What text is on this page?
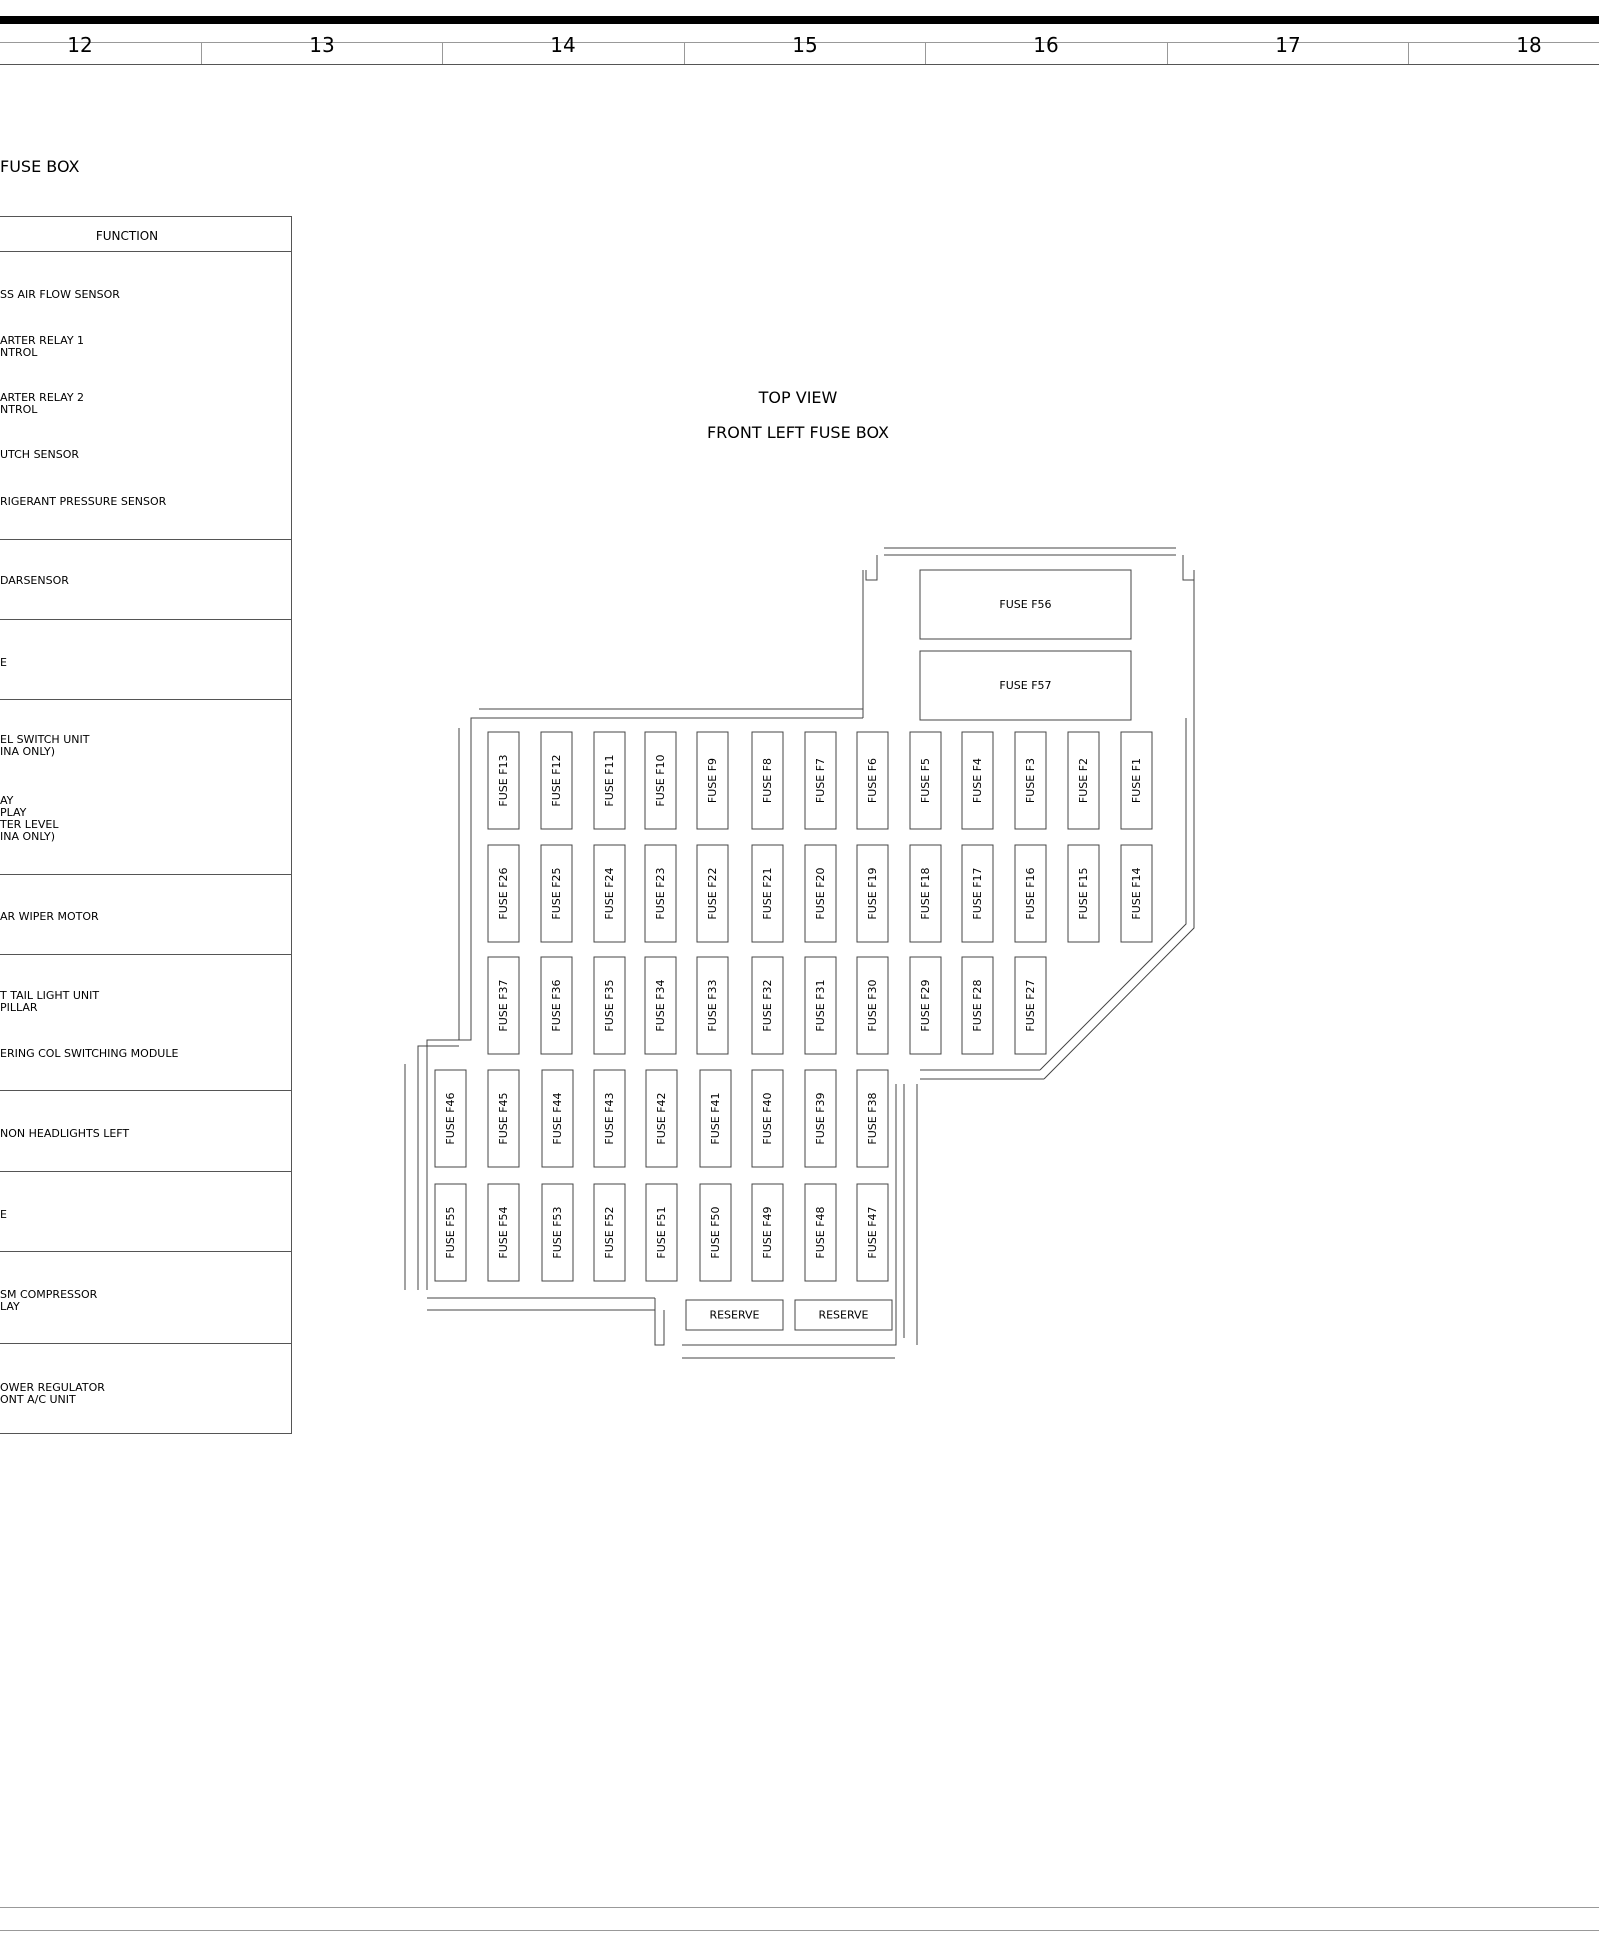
12	13	14	15	16	17	18
FUSE BOX
FUNCTION
SS AIR FLOW SENSOR
ARTER RELAY 1
NTROL
ARTER RELAY 2
NTROL
UTCH SENSOR
RIGERANT PRESSURE SENSOR
DARSENSOR
E
EL SWITCH UNIT
INA ONLY)
AY
PLAY
TER LEVEL
INA ONLY)
AR WIPER MOTOR
T TAIL LIGHT UNIT
PILLAR
ERING COL SWITCHING MODULE
NON HEADLIGHTS LEFT
E
SM COMPRESSOR
LAY
OWER REGULATOR
ONT A/C UNIT
TOP VIEW
FRONT LEFT FUSE BOX
FUSE F56
FUSE F57
FUSE F13	FUSE F12	FUSE F11	FUSE F10	FUSE F9	FUSE F8	FUSE F7	FUSE F6	FUSE F5	FUSE F4	FUSE F3	FUSE F2	FUSE F1
FUSE F26	FUSE F25	FUSE F24	FUSE F23	FUSE F22	FUSE F21	FUSE F20	FUSE F19	FUSE F18	FUSE F17	FUSE F16	FUSE F15	FUSE F14
FUSE F37	FUSE F36	FUSE F35	FUSE F34	FUSE F33	FUSE F32	FUSE F31	FUSE F30	FUSE F29	FUSE F28	FUSE F27
FUSE F46	FUSE F45	FUSE F44	FUSE F43	FUSE F42	FUSE F41	FUSE F40	FUSE F39	FUSE F38
FUSE F55	FUSE F54	FUSE F53	FUSE F52	FUSE F51	FUSE F50	FUSE F49	FUSE F48	FUSE F47
RESERVE	RESERVE
